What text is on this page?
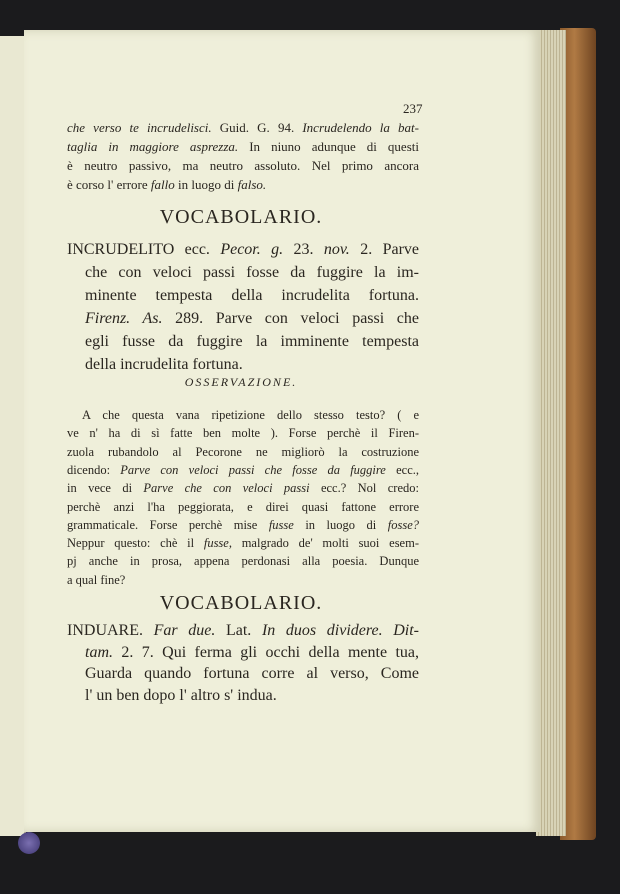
237
che verso te incrudelisci. Guid. G. 94. Incrudelendo la bat-
taglia in maggiore asprezza. In niuno adunque di questi
è neutro passivo, ma neutro assoluto. Nel primo ancora
è corso l' errore fallo in luogo di falso.
VOCABOLARIO.
INCRUDELITO ecc. Pecor. g. 23. nov. 2. Parve
che con veloci passi fosse da fuggire la im-
minente tempesta della incrudelita fortuna.
Firenz. As. 289. Parve con veloci passi che
egli fusse da fuggire la imminente tempesta
della incrudelita fortuna.
OSSERVAZIONE.
A che questa vana ripetizione dello stesso testo? ( e
ve n' ha di sì fatte ben molte ). Forse perchè il Firen-
zuola rubandolo al Pecorone ne migliorò la costruzione
dicendo: Parve con veloci passi che fosse da fuggire ecc.,
in vece di Parve che con veloci passi ecc.? Nol credo:
perchè anzi l'ha peggiorata, e direi quasi fattone errore
grammaticale. Forse perchè mise fusse in luogo di fosse?
Neppur questo: chè il fusse, malgrado de' molti suoi esem-
pj anche in prosa, appena perdonasi alla poesia. Dunque
a qual fine?
VOCABOLARIO.
INDUARE. Far due. Lat. In duos dividere. Dit-
tam. 2. 7. Qui ferma gli occhi della mente tua,
Guarda quando fortuna corre al verso, Come
l' un ben dopo l' altro s' indua.
